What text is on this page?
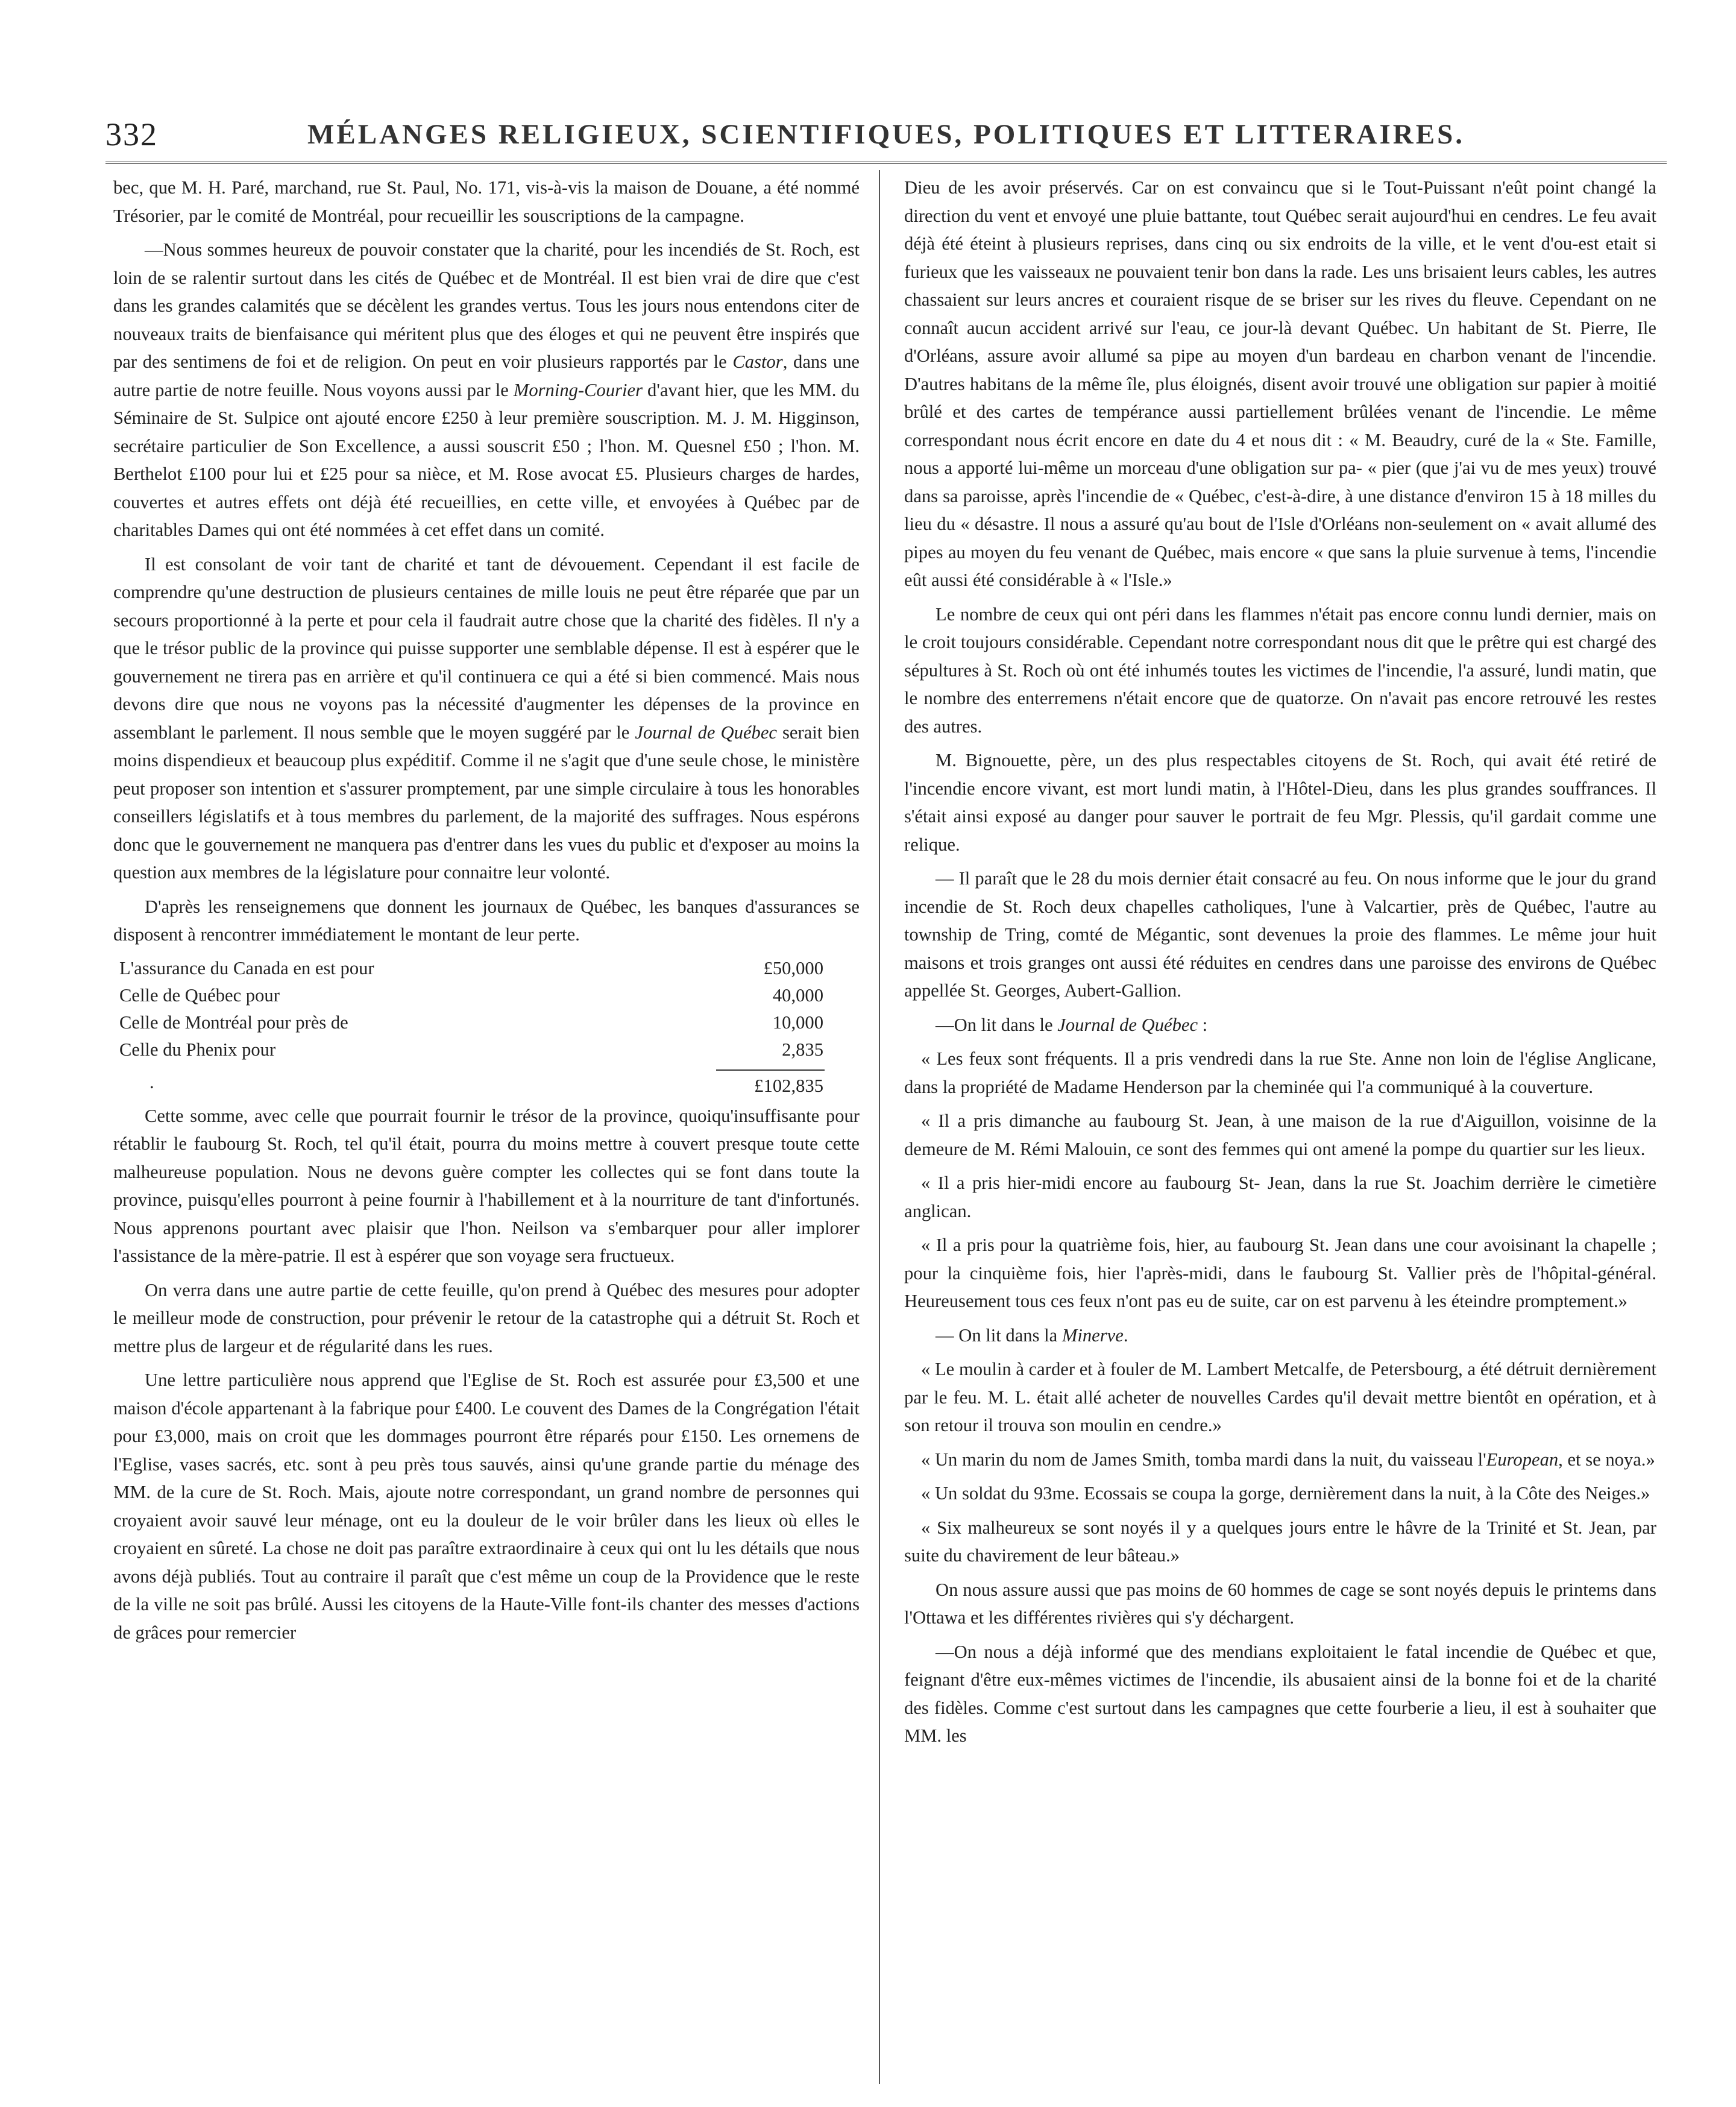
332	MÉLANGES RELIGIEUX, SCIENTIFIQUES, POLITIQUES ET LITTERAIRES.

bec, que M. H. Paré, marchand, rue St. Paul, No. 171, vis-à-vis la maison de Douane, a été nommé Trésorier, par le comité de Montréal, pour recueillir les souscriptions de la campagne.

—Nous sommes heureux de pouvoir constater que la charité, pour les incendiés de St. Roch, est loin de se ralentir surtout dans les cités de Québec et de Montréal. Il est bien vrai de dire que c'est dans les grandes calamités que se décèlent les grandes vertus. Tous les jours nous entendons citer de nouveaux traits de bienfaisance qui méritent plus que des éloges et qui ne peuvent être inspirés que par des sentimens de foi et de religion. On peut en voir plusieurs rapportés par le Castor, dans une autre partie de notre feuille. Nous voyons aussi par le Morning-Courier d'avant hier, que les MM. du Séminaire de St. Sulpice ont ajouté encore £250 à leur première souscription. M. J. M. Higginson, secrétaire particulier de Son Excellence, a aussi souscrit £50 ; l'hon. M. Quesnel £50 ; l'hon. M. Berthelot £100 pour lui et £25 pour sa nièce, et M. Rose avocat £5. Plusieurs charges de hardes, couvertes et autres effets ont déjà été recueillies, en cette ville, et envoyées à Québec par de charitables Dames qui ont été nommées à cet effet dans un comité.

Il est consolant de voir tant de charité et tant de dévouement. Cependant il est facile de comprendre qu'une destruction de plusieurs centaines de mille louis ne peut être réparée que par un secours proportionné à la perte et pour cela il faudrait autre chose que la charité des fidèles. Il n'y a que le trésor public de la province qui puisse supporter une semblable dépense. Il est à espérer que le gouvernement ne tirera pas en arrière et qu'il continuera ce qui a été si bien commencé. Mais nous devons dire que nous ne voyons pas la nécessité d'augmenter les dépenses de la province en assemblant le parlement. Il nous semble que le moyen suggéré par le Journal de Québec serait bien moins dispendieux et beaucoup plus expéditif. Comme il ne s'agit que d'une seule chose, le ministère peut proposer son intention et s'assurer promptement, par une simple circulaire à tous les honorables conseillers législatifs et à tous membres du parlement, de la majorité des suffrages. Nous espérons donc que le gouvernement ne manquera pas d'entrer dans les vues du public et d'exposer au moins la question aux membres de la législature pour connaitre leur volonté.

D'après les renseignemens que donnent les journaux de Québec, les banques d'assurances se disposent à rencontrer immédiatement le montant de leur perte.

L'assurance du Canada en est pour	£50,000
Celle de Québec pour	40,000
Celle de Montréal pour près de	10,000
Celle du Phenix pour	2,835
.	£102,835

Cette somme, avec celle que pourrait fournir le trésor de la province, quoiqu'insuffisante pour rétablir le faubourg St. Roch, tel qu'il était, pourra du moins mettre à couvert presque toute cette malheureuse population. Nous ne devons guère compter les collectes qui se font dans toute la province, puisqu'elles pourront à peine fournir à l'habillement et à la nourriture de tant d'infortunés. Nous apprenons pourtant avec plaisir que l'hon. Neilson va s'embarquer pour aller implorer l'assistance de la mère-patrie. Il est à espérer que son voyage sera fructueux.

On verra dans une autre partie de cette feuille, qu'on prend à Québec des mesures pour adopter le meilleur mode de construction, pour prévenir le retour de la catastrophe qui a détruit St. Roch et mettre plus de largeur et de régularité dans les rues.

Une lettre particulière nous apprend que l'Eglise de St. Roch est assurée pour £3,500 et une maison d'école appartenant à la fabrique pour £400. Le couvent des Dames de la Congrégation l'était pour £3,000, mais on croit que les dommages pourront être réparés pour £150. Les ornemens de l'Eglise, vases sacrés, etc. sont à peu près tous sauvés, ainsi qu'une grande partie du ménage des MM. de la cure de St. Roch. Mais, ajoute notre correspondant, un grand nombre de personnes qui croyaient avoir sauvé leur ménage, ont eu la douleur de le voir brûler dans les lieux où elles le croyaient en sûreté. La chose ne doit pas paraître extraordinaire à ceux qui ont lu les détails que nous avons déjà publiés. Tout au contraire il paraît que c'est même un coup de la Providence que le reste de la ville ne soit pas brûlé. Aussi les citoyens de la Haute-Ville font-ils chanter des messes d'actions de grâces pour remercier

Dieu de les avoir préservés. Car on est convaincu que si le Tout-Puissant n'eût point changé la direction du vent et envoyé une pluie battante, tout Québec serait aujourd'hui en cendres. Le feu avait déjà été éteint à plusieurs reprises, dans cinq ou six endroits de la ville, et le vent d'ou-est etait si furieux que les vaisseaux ne pouvaient tenir bon dans la rade. Les uns brisaient leurs cables, les autres chassaient sur leurs ancres et couraient risque de se briser sur les rives du fleuve. Cependant on ne connaît aucun accident arrivé sur l'eau, ce jour-là devant Québec. Un habitant de St. Pierre, Ile d'Orléans, assure avoir allumé sa pipe au moyen d'un bardeau en charbon venant de l'incendie. D'autres habitans de la même île, plus éloignés, disent avoir trouvé une obligation sur papier à moitié brûlé et des cartes de tempérance aussi partiellement brûlées venant de l'incendie. Le même correspondant nous écrit encore en date du 4 et nous dit : « M. Beaudry, curé de la « Ste. Famille, nous a apporté lui-même un morceau d'une obligation sur pa- « pier (que j'ai vu de mes yeux) trouvé dans sa paroisse, après l'incendie de « Québec, c'est-à-dire, à une distance d'environ 15 à 18 milles du lieu du « désastre. Il nous a assuré qu'au bout de l'Isle d'Orléans non-seulement on « avait allumé des pipes au moyen du feu venant de Québec, mais encore « que sans la pluie survenue à tems, l'incendie eût aussi été considérable à « l'Isle.»

Le nombre de ceux qui ont péri dans les flammes n'était pas encore connu lundi dernier, mais on le croit toujours considérable. Cependant notre correspondant nous dit que le prêtre qui est chargé des sépultures à St. Roch où ont été inhumés toutes les victimes de l'incendie, l'a assuré, lundi matin, que le nombre des enterremens n'était encore que de quatorze. On n'avait pas encore retrouvé les restes des autres.

M. Bignouette, père, un des plus respectables citoyens de St. Roch, qui avait été retiré de l'incendie encore vivant, est mort lundi matin, à l'Hôtel-Dieu, dans les plus grandes souffrances. Il s'était ainsi exposé au danger pour sauver le portrait de feu Mgr. Plessis, qu'il gardait comme une relique.

— Il paraît que le 28 du mois dernier était consacré au feu. On nous informe que le jour du grand incendie de St. Roch deux chapelles catholiques, l'une à Valcartier, près de Québec, l'autre au township de Tring, comté de Mégantic, sont devenues la proie des flammes. Le même jour huit maisons et trois granges ont aussi été réduites en cendres dans une paroisse des environs de Québec appellée St. Georges, Aubert-Gallion.

—On lit dans le Journal de Québec :

« Les feux sont fréquents. Il a pris vendredi dans la rue Ste. Anne non loin de l'église Anglicane, dans la propriété de Madame Henderson par la cheminée qui l'a communiqué à la couverture.

« Il a pris dimanche au faubourg St. Jean, à une maison de la rue d'Aiguillon, voisinne de la demeure de M. Rémi Malouin, ce sont des femmes qui ont amené la pompe du quartier sur les lieux.

« Il a pris hier-midi encore au faubourg St- Jean, dans la rue St. Joachim derrière le cimetière anglican.

« Il a pris pour la quatrième fois, hier, au faubourg St. Jean dans une cour avoisinant la chapelle ; pour la cinquième fois, hier l'après-midi, dans le faubourg St. Vallier près de l'hôpital-général. Heureusement tous ces feux n'ont pas eu de suite, car on est parvenu à les éteindre promptement.»

— On lit dans la Minerve.

« Le moulin à carder et à fouler de M. Lambert Metcalfe, de Petersbourg, a été détruit dernièrement par le feu. M. L. était allé acheter de nouvelles Cardes qu'il devait mettre bientôt en opération, et à son retour il trouva son moulin en cendre.»

« Un marin du nom de James Smith, tomba mardi dans la nuit, du vaisseau l'European, et se noya.»

« Un soldat du 93me. Ecossais se coupa la gorge, dernièrement dans la nuit, à la Côte des Neiges.»

« Six malheureux se sont noyés il y a quelques jours entre le hâvre de la Trinité et St. Jean, par suite du chavirement de leur bâteau.»

On nous assure aussi que pas moins de 60 hommes de cage se sont noyés depuis le printems dans l'Ottawa et les différentes rivières qui s'y déchargent.

—On nous a déjà informé que des mendians exploitaient le fatal incendie de Québec et que, feignant d'être eux-mêmes victimes de l'incendie, ils abusaient ainsi de la bonne foi et de la charité des fidèles. Comme c'est surtout dans les campagnes que cette fourberie a lieu, il est à souhaiter que MM. les
